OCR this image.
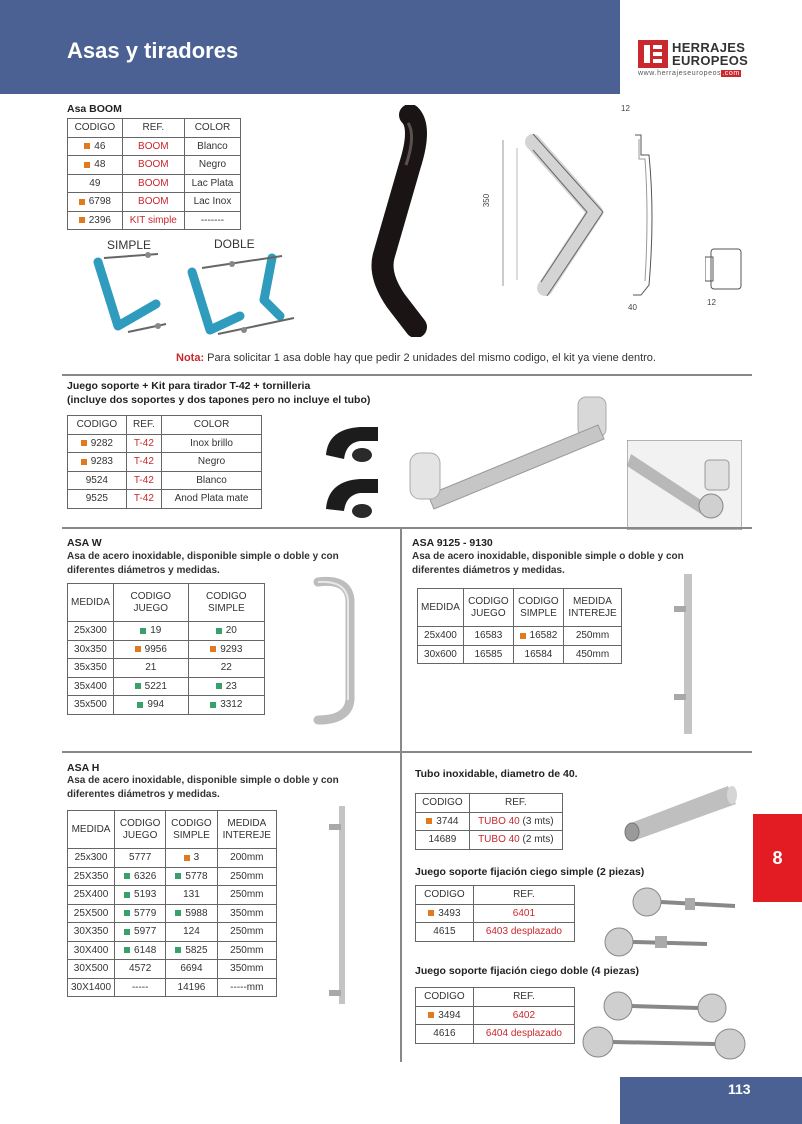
Asas y tiradores	HERRAJES
EUROPEOS
www.herrajeseuropeos.com
Asa BOOM
CODIGO	REF.	COLOR
46	BOOM	Blanco
48	BOOM	Negro
49	BOOM	Lac Plata
6798	BOOM	Lac Inox
2396	KIT simple	-------
SIMPLE	DOBLE
350
12
40
12
Nota: Para solicitar 1 asa doble hay que pedir 2 unidades del mismo codigo, el kit ya viene dentro.
Juego soporte + Kit para tirador T-42 + tornilleria
(incluye dos soportes y dos tapones pero no incluye el tubo)
CODIGO	REF.	COLOR
9282	T-42	Inox brillo
9283	T-42	Negro
9524	T-42	Blanco
9525	T-42	Anod Plata mate
ASA W
Asa de acero inoxidable, disponible simple o doble y con
diferentes diámetros y medidas.
MEDIDA	CODIGO JUEGO	CODIGO SIMPLE
25x300	19	20
30x350	9956	9293
35x350	21	22
35x400	5221	23
35x500	994	3312
ASA 9125 - 9130
Asa de acero inoxidable, disponible simple o doble y con
diferentes diámetros y medidas.
MEDIDA	CODIGO JUEGO	CODIGO SIMPLE	MEDIDA INTEREJE
25x400	16583	16582	250mm
30x600	16585	16584	450mm
ASA H
Asa de acero inoxidable, disponible simple o doble y con
diferentes diámetros y medidas.
MEDIDA	CODIGO JUEGO	CODIGO SIMPLE	MEDIDA INTEREJE
25x300	5777	3	200mm
25X350	6326	5778	250mm
25X400	5193	131	250mm
25X500	5779	5988	350mm
30X350	5977	124	250mm
30X400	6148	5825	250mm
30X500	4572	6694	350mm
30X1400	-----	14196	-----mm
Tubo inoxidable, diametro de 40.
CODIGO	REF.
3744	TUBO 40 (3 mts)
14689	TUBO 40 (2 mts)
Juego soporte fijación ciego simple (2 piezas)
CODIGO	REF.
3493	6401
4615	6403 desplazado
Juego soporte fijación ciego doble (4 piezas)
CODIGO	REF.
3494	6402
4616	6404 desplazado
8
113
